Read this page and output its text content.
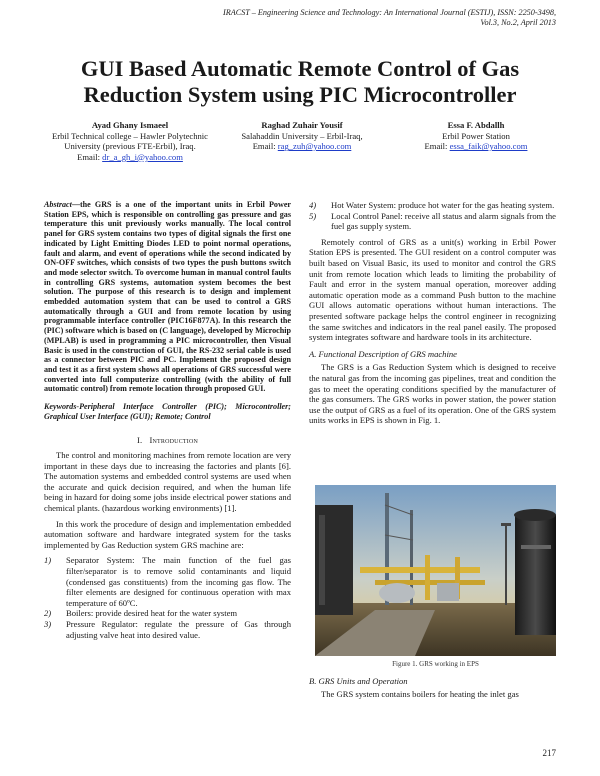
IRACST – Engineering Science and Technology: An International Journal (ESTIJ), ISSN: 2250-3498,
Vol.3, No.2, April 2013
GUI Based Automatic Remote Control of Gas
Reduction System using PIC Microcontroller
Ayad Ghany Ismaeel
Erbil Technical college – Hawler Polytechnic University (previous FTE-Erbil), Iraq.
Email: dr_a_gh_i@yahoo.com
Raghad Zuhair Yousif
Salahaddin University – Erbil-Iraq,
Email: rag_zuh@yahoo.com
Essa F. Abdallh
Erbil Power Station
Email: essa_faik@yahoo.com

Abstract—the GRS is a one of the important units in Erbil Power Station EPS, which is responsible on controlling gas pressure and gas temperature this unit previously works manually. The local control panel for GRS system contains two types of digital signals the first one indicated by Light Emitting Diodes LED to point normal operations, fault and alarm, and event of operations while the second indicated by ON-OFF switches, which consists of two types the push buttons switch and mode selector switch. To overcome human in manual control faults in controlling GRS systems, automation system becomes the best solution. The purpose of this research is to design and implement embedded automation system that can be used to control a GRS automatically through a GUI and from remote location by using programmable interface controller (PIC16F877A). In this research the (PIC) software which is based on (C language), developed by Microchip (MPLAB) is used in programming a PIC microcontroller, then Visual Basic is used in the construction of GUI, the RS-232 serial cable is used as a connector between PIC and PC. Implement the proposed design and test it as a first system shows all operations of GRS successful were converted into full computerize controlling (with the ability of full automatic control) from remote location through proposed GUI.

Keywords-Peripheral Interface Controller (PIC); Microcontroller; Graphical User Interface (GUI); Remote; Control

I. Introduction

The control and monitoring machines from remote location are very important in these days due to increasing the factories and plants [6]. The automation systems and embedded control systems are used when the accurate and quick decision required, and when the human life being in hazard for doing some jobs inside electrical power stations and chemical plants. (hazardous working environments) [1].

In this work the procedure of design and implementation embedded automation software and hardware integrated system for the tasks implemented by Gas Reduction system GRS machine are:

1) Separator System: The main function of the fuel gas filter/separator is to remove solid contaminants and liquid (condensed gas constituents) from the incoming gas flow. The filter elements are designed for continuous operation with max temperature of 60ºC.
2) Boilers: provide desired heat for the water system
3) Pressure Regulator: regulate the pressure of Gas through adjusting valve heat into desired value.
4) Hot Water System: produce hot water for the gas heating system.
5) Local Control Panel: receive all status and alarm signals from the fuel gas supply system.

Remotely control of GRS as a unit(s) working in Erbil Power Station EPS is presented. The GUI resident on a control computer was built based on Visual Basic, its used to monitor and control the GRS unit from remote location which leads to limiting the probability of Fault and error in the system manual operation, moreover adding automatic operation mode as a command Push button to the machine GUI allows automatic operations without human interactions. The presented software package helps the control engineer in recognizing the same switches and indicators in the real panel easily. The proposed system integrates software and hardware tools in its architecture.

A. Functional Description of GRS machine

The GRS is a Gas Reduction System which is designed to receive the natural gas from the incoming gas pipelines, treat and condition the gas to meet the operating conditions specified by the manufacturer of the gas consumers. The GRS works in power station, the power station use the output of GRS as a fuel of its operation. One of the GRS system units works in EPS is shown in Fig. 1.

Figure 1. GRS working in EPS

B. GRS Units and Operation

The GRS system contains boilers for heating the inlet gas

217
